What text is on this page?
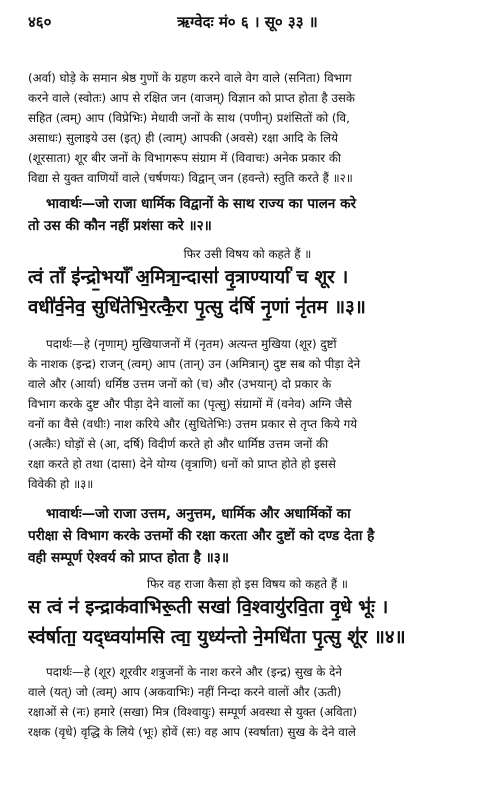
४६०	ऋग्वेदः मं० ६ । सू० ३३ ॥
(अर्वा) घोड़े के समान श्रेष्ठ गुणों के ग्रहण करने वाले वेग वाले (सनिता) विभाग
करने वाले (स्वोतः) आप से रक्षित जन (वाजम्) विज्ञान को प्राप्त होता है उसके
सहित (त्वम्) आप (विप्रेभिः) मेधावी जनों के साथ (पणीन्) प्रशंसितों को (वि,
असाधः) सुलाइये उस (इत्) ही (त्वाम्) आपकी (अवसे) रक्षा आदि के लिये
(शूरसाता) शूर बीर जनों के विभागरूप संग्राम में (विवाचः) अनेक प्रकार की
विद्या से युक्त वाणियों वाले (चर्षणयः) विद्वान् जन (हवन्ते) स्तुति करते हैं ॥२॥
भावार्थः—जो राजा धार्मिक विद्वानों के साथ राज्य का पालन करे
तो उस की कौन नहीं प्रशंसा करे ॥२॥
फिर उसी विषय को कहते हैं ॥
त्वं ताँ इ॑न्द्रो॒भयाँ॑ अ॒मित्रा॒न्दासा॑ वृ॒त्राण्यार्या॑ च शूर ।
वधी॑र्व॒नेव॒ सुधि॑तेभि॒रत्कै॒रा पृ॒त्सु द॑र्षि नृ॒णां नृ॑तम ॥३॥
पदार्थः—हे (नृणाम्) मुखियाजनों में (नृतम) अत्यन्त मुखिया (शूर) दुष्टों
के नाशक (इन्द्र) राजन् (त्वम्) आप (तान्) उन (अमित्रान्) दुष्ट सब को पीड़ा देने
वाले और (आर्या) धर्मिष्ठ उत्तम जनों को (च) और (उभयान्) दो प्रकार के
विभाग करके दुष्ट और पीड़ा देने वालों का (पृत्सु) संग्रामों में (वनेव) अग्नि जैसे
वनों का वैसे (वधीः) नाश करिये और (सुधितेभिः) उत्तम प्रकार से तृप्त किये गये
(अत्कैः) घोड़ों से (आ, दर्षि) विदीर्ण करते हो और धार्मिष्ठ उत्तम जनों की
रक्षा करते हो तथा (दासा) देने योग्य (वृत्राणि) धनों को प्राप्त होते हो इससे
विवेकी हो ॥३॥
भावार्थः—जो राजा उत्तम, अनुत्तम, धार्मिक और अधार्मिकों का
परीक्षा से विभाग करके उत्तमों की रक्षा करता और दुष्टों को दण्ड देता है
वही सम्पूर्ण ऐश्वर्य को प्राप्त होता है ॥३॥
फिर वह राजा कैसा हो इस विषय को कहते हैं ॥
स त्वं न॑ इन्द्राक॑वाभिरू॒ती सखा॑ वि॒श्वायु॑रवि॒ता वृ॒धे भूः॑ ।
स्व॑र्षाता॒ यद्ध्वया॑मसि त्वा॒ युध्य॑न्तो ने॒मधि॑ता पृ॒त्सु शू॑र ॥४॥
पदार्थः—हे (शूर) शूरवीर शत्रुजनों के नाश करने और (इन्द्र) सुख के देने
वाले (यत्) जो (त्वम्) आप (अकवाभिः) नहीं निन्दा करने वालों और (ऊती)
रक्षाओं से (नः) हमारे (सखा) मित्र (विश्वायुः) सम्पूर्ण अवस्था से युक्त (अविता)
रक्षक (वृधे) वृद्धि के लिये (भूः) होवें (सः) वह आप (स्वर्षाता) सुख के देने वाले
